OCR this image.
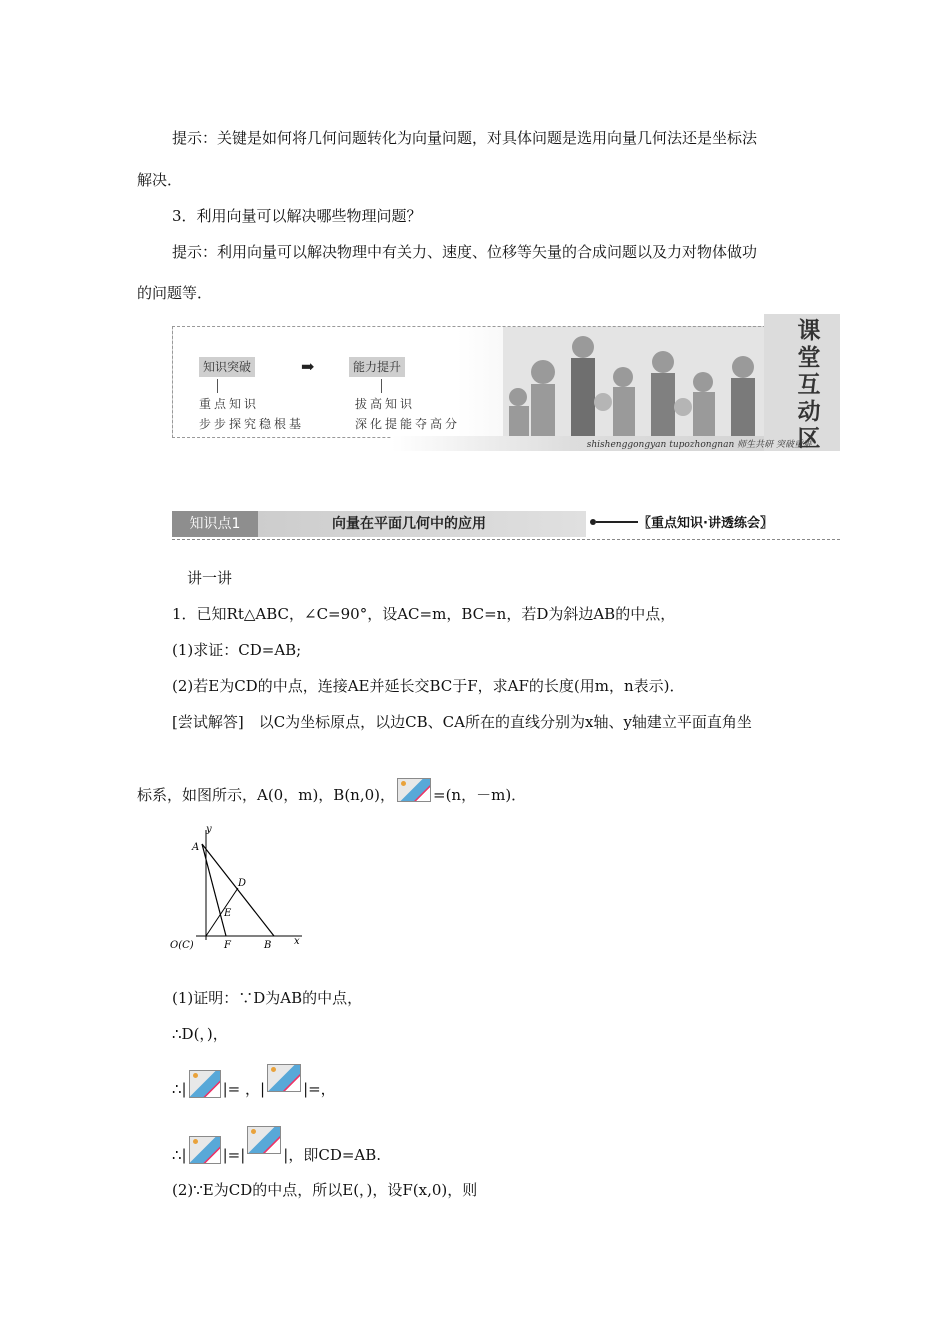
提示：关键是如何将几何问题转化为向量问题，对具体问题是选用向量几何法还是坐标法
解决．
3．利用向量可以解决哪些物理问题？
提示：利用向量可以解决物理中有关力、速度、位移等矢量的合成问题以及力对物体做功
的问题等．
知识突破	➡	能力提升
重点知识
步步探究稳根基
拔高知识
深化提能夺高分
课堂互动区
shishenggongyan tupozhongnan 师生共研 突破重难
知识点1	向量在平面几何中的应用	〖重点知识·讲透练会〗
讲一讲
1．已知Rt△ABC，∠C=90°，设AC=m，BC=n，若D为斜边AB的中点，
(1)求证：CD=AB;
(2)若E为CD的中点，连接AE并延长交BC于F，求AF的长度(用m，n表示)．
[尝试解答]　以C为坐标原点，以边CB、CA所在的直线分别为x轴、y轴建立平面直角坐
标系，如图所示，A(0，m)，B(n,0)，	=(n，－m)．
y
x
A
D
E
O(C)	F	B
(1)证明：∵D为AB的中点，
∴D(，)，
∴| |= ，|	|=，
∴| |=|	|，即CD=AB.
(2)∵E为CD的中点，所以E(，)，设F(x,0)，则
